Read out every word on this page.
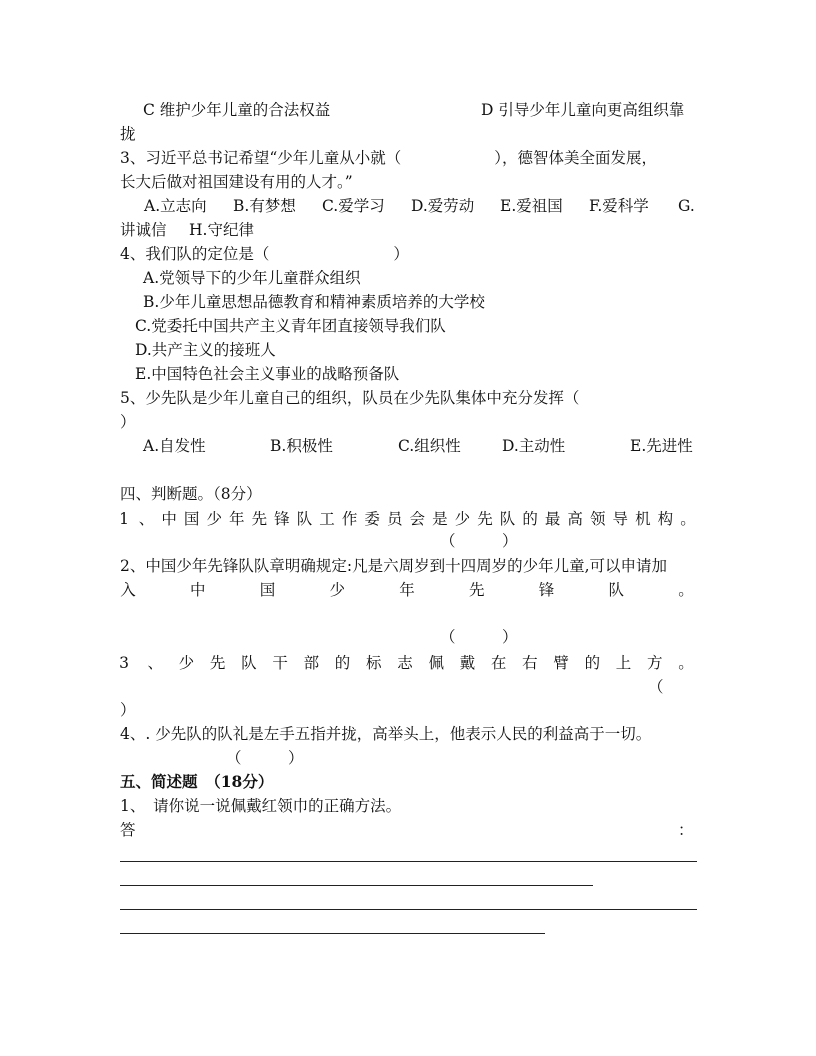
C 维护少年儿童的合法权益	D 引导少年儿童向更高组织靠
拢
3、习近平总书记希望“少年儿童从小就（　　　　　　），德智体美全面发展，
长大后做对祖国建设有用的人才。”
A.立志向 B.有梦想 C.爱学习 D.爱劳动 E.爱祖国 F.爱科学 G.
讲诚信 H.守纪律
4、我们队的定位是（　　　　　　　　）
A.党领导下的少年儿童群众组织
B.少年儿童思想品德教育和精神素质培养的大学校
C.党委托中国共产主义青年团直接领导我们队
D.共产主义的接班人
E.中国特色社会主义事业的战略预备队
5、少先队是少年儿童自己的组织，队员在少先队集体中充分发挥（
）
A.自发性	B.积极性	C.组织性	D.主动性	E.先进性
四、判断题。（8分）
1 、 中 国 少 年 先 锋 队 工 作 委 员 会 是 少 先 队 的 最 高 领 导 机 构 。
（　　　）
2、中国少年先锋队队章明确规定:凡是六周岁到十四周岁的少年儿童,可以申请加
入	中	国	少	年	先	锋	队	。
（　　　）
3 、 少 先 队 干 部 的 标 志 佩 戴 在 右 臂 的 上 方 。
（
）
4、. 少先队的队礼是左手五指并拢，高举头上，他表示人民的利益高于一切。
（　　　）
五、简述题　（18分）
1、　请你说一说佩戴红领巾的正确方法。
答	：
